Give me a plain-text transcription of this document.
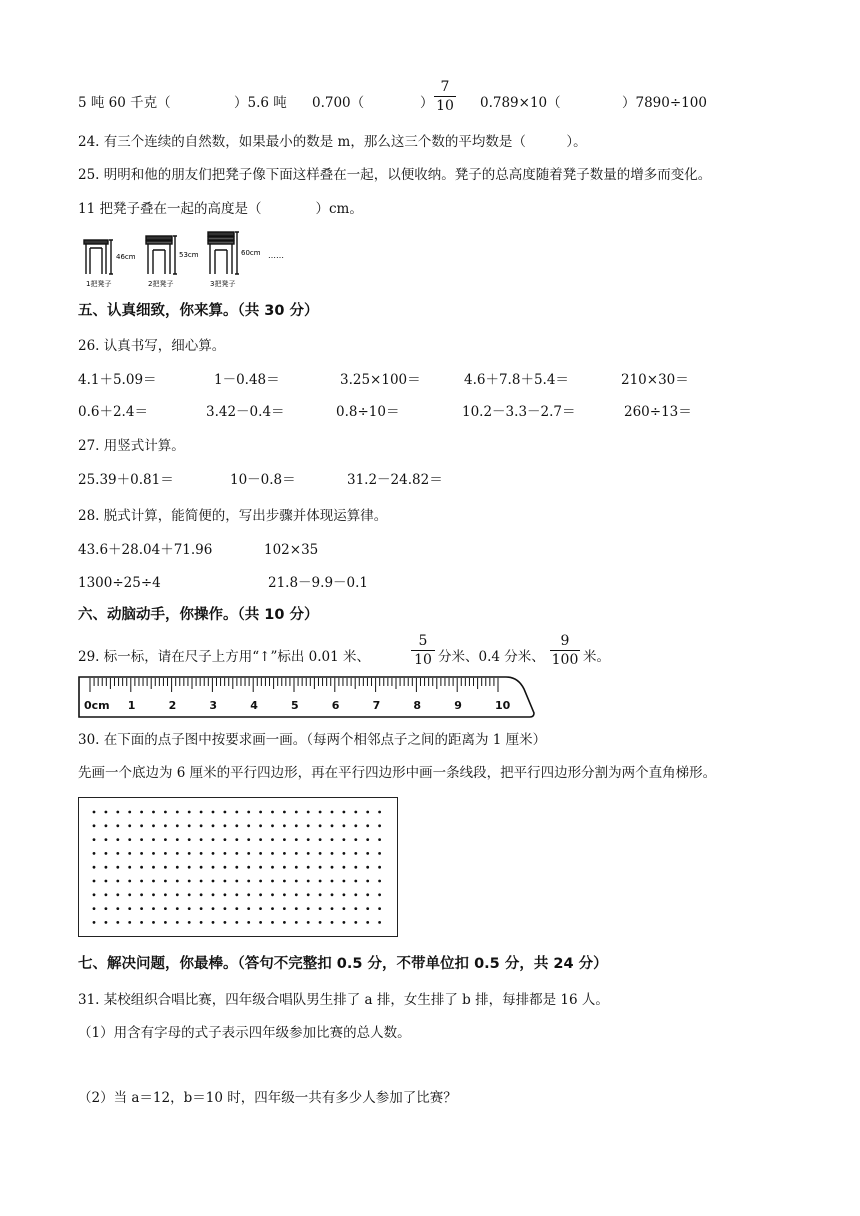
5 吨 60 千克（	）5.6 吨 0.700（	）
7
10 0.789×10（	）7890÷100
24. 有三个连续的自然数，如果最小的数是 m，那么这三个数的平均数是（　　　）。
25. 明明和他的朋友们把凳子像下面这样叠在一起，以便收纳。凳子的总高度随着凳子数量的增多而变化。
11 把凳子叠在一起的高度是（　　　　）cm。
46cm	53cm	60cm ……
1把凳子	2把凳子	3把凳子
五、认真细致，你来算。（共 30 分）
26. 认真书写，细心算。
4.1＋5.09＝	1－0.48＝	3.25×100＝	4.6＋7.8＋5.4＝	210×30＝
0.6＋2.4＝	3.42－0.4＝	0.8÷10＝	10.2－3.3－2.7＝	260÷13＝
27. 用竖式计算。
25.39＋0.81＝	10－0.8＝	31.2－24.82＝
28. 脱式计算，能简便的，写出步骤并体现运算律。
43.6＋28.04＋71.96	102×35
1300÷25÷4	21.8－9.9－0.1
六、动脑动手，你操作。（共 10 分）
29. 标一标，请在尺子上方用“↑”标出 0.01 米、
5
10 分米、0.4 分米、
9
100 米。
0cm 1	2	3	4	5	6	7	8	9	10
30. 在下面的点子图中按要求画一画。（每两个相邻点子之间的距离为 1 厘米）
先画一个底边为 6 厘米的平行四边形，再在平行四边形中画一条线段，把平行四边形分割为两个直角梯形。
七、解决问题，你最棒。（答句不完整扣 0.5 分，不带单位扣 0.5 分，共 24 分）
31. 某校组织合唱比赛，四年级合唱队男生排了 a 排，女生排了 b 排，每排都是 16 人。
（1）用含有字母的式子表示四年级参加比赛的总人数。
（2）当 a＝12，b＝10 时，四年级一共有多少人参加了比赛？
